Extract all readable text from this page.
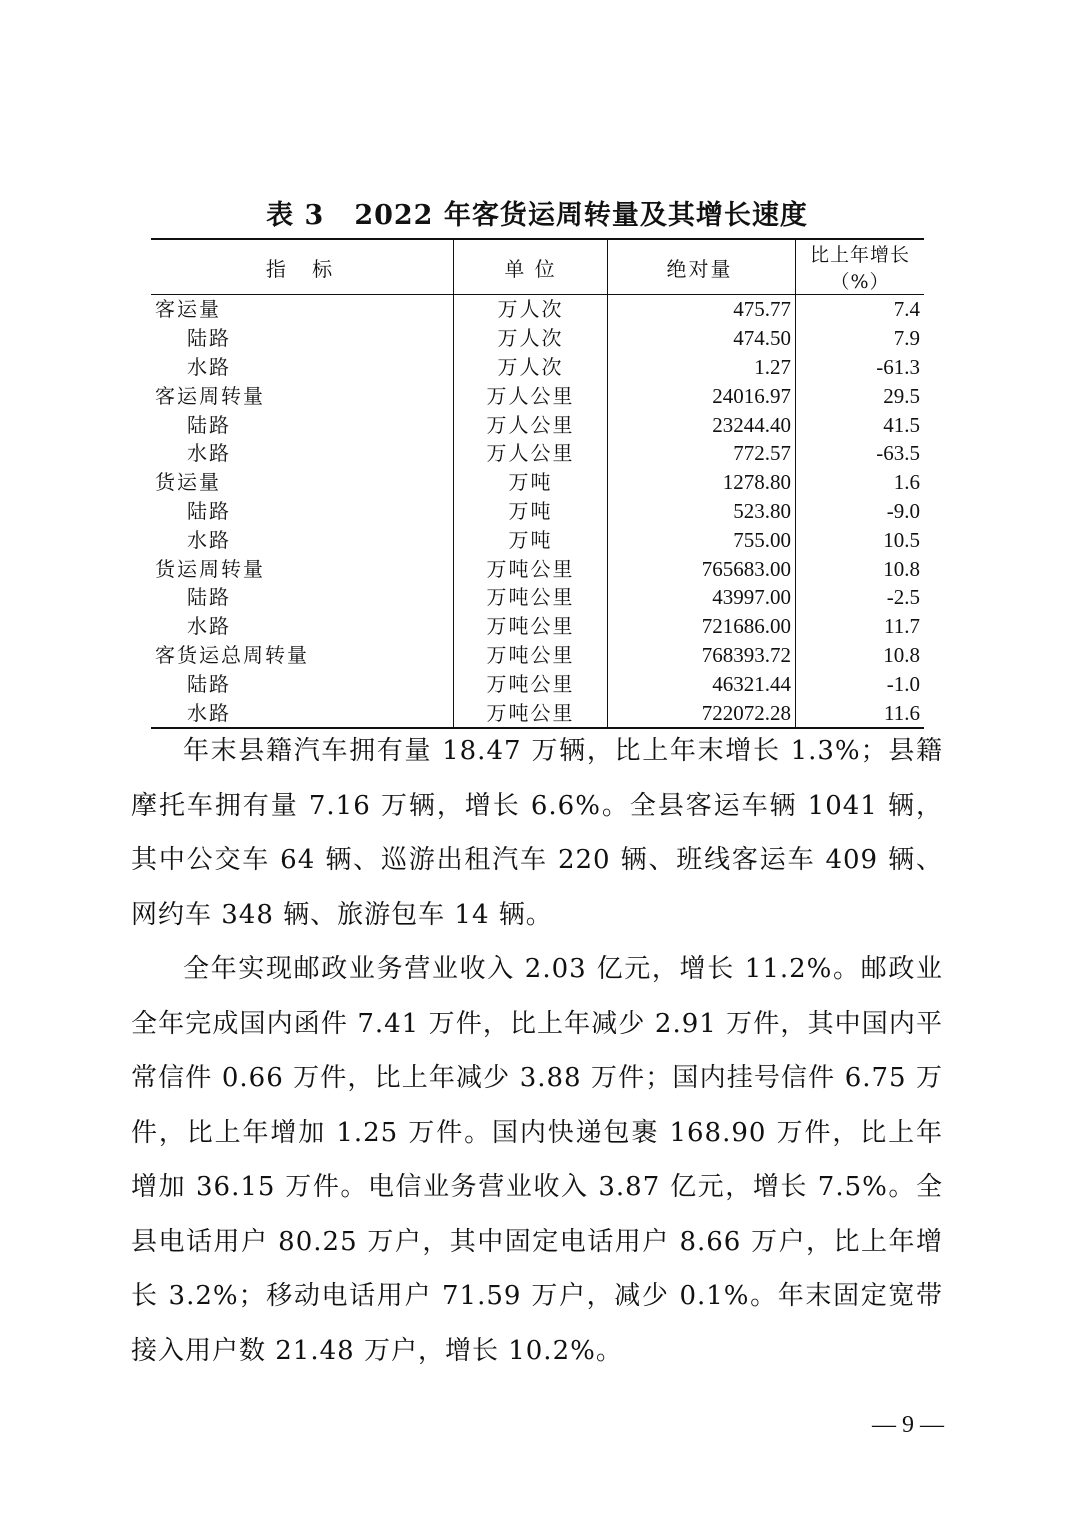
表 3 2022 年客货运周转量及其增长速度
指 标	单 位	绝对量	比上年增长（%）
客运量	万人次	475.77	7.4
陆路	万人次	474.50	7.9
水路	万人次	1.27	-61.3
客运周转量	万人公里	24016.97	29.5
陆路	万人公里	23244.40	41.5
水路	万人公里	772.57	-63.5
货运量	万吨	1278.80	1.6
陆路	万吨	523.80	-9.0
水路	万吨	755.00	10.5
货运周转量	万吨公里	765683.00	10.8
陆路	万吨公里	43997.00	-2.5
水路	万吨公里	721686.00	11.7
客货运总周转量	万吨公里	768393.72	10.8
陆路	万吨公里	46321.44	-1.0
水路	万吨公里	722072.28	11.6

年末县籍汽车拥有量 18.47 万辆，比上年末增长 1.3%；县籍摩托车拥有量 7.16 万辆，增长 6.6%。全县客运车辆 1041 辆，其中公交车 64 辆、巡游出租汽车 220 辆、班线客运车 409 辆、网约车 348 辆、旅游包车 14 辆。

全年实现邮政业务营业收入 2.03 亿元，增长 11.2%。邮政业全年完成国内函件 7.41 万件，比上年减少 2.91 万件，其中国内平常信件 0.66 万件，比上年减少 3.88 万件；国内挂号信件 6.75 万件，比上年增加 1.25 万件。国内快递包裹 168.90 万件，比上年增加 36.15 万件。电信业务营业收入 3.87 亿元，增长 7.5%。全县电话用户 80.25 万户，其中固定电话用户 8.66 万户，比上年增长 3.2%；移动电话用户 71.59 万户，减少 0.1%。年末固定宽带接入用户数 21.48 万户，增长 10.2%。

— 9 —
